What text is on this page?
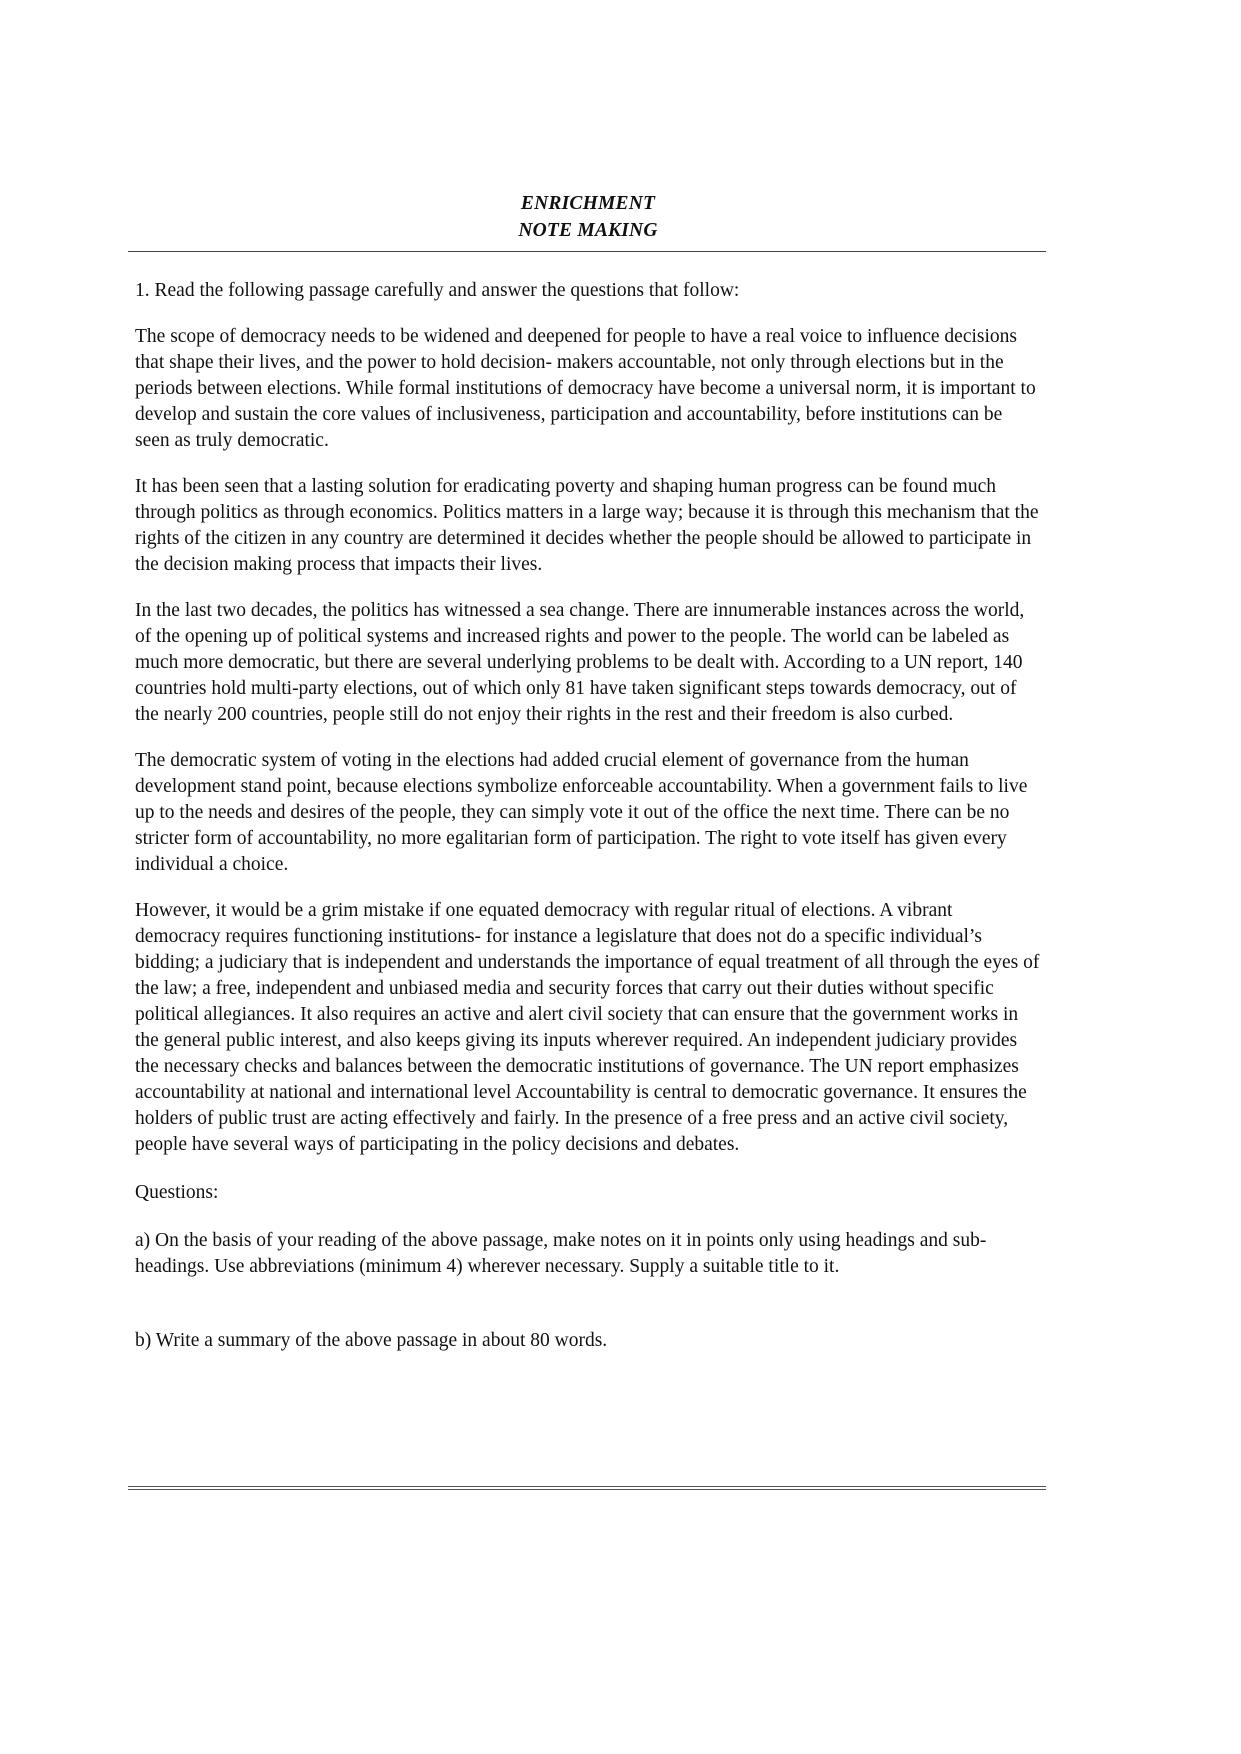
ENRICHMENT
NOTE MAKING

1. Read the following passage carefully and answer the questions that follow:

The scope of democracy needs to be widened and deepened for people to have a real voice to influence decisions that shape their lives, and the power to hold decision- makers accountable, not only through elections but in the periods between elections. While formal institutions of democracy have become a universal norm, it is important to develop and sustain the core values of inclusiveness, participation and accountability, before institutions can be seen as truly democratic.

It has been seen that a lasting solution for eradicating poverty and shaping human progress can be found much through politics as through economics. Politics matters in a large way; because it is through this mechanism that the rights of the citizen in any country are determined it decides whether the people should be allowed to participate in the decision making process that impacts their lives.

In the last two decades, the politics has witnessed a sea change. There are innumerable instances across the world, of the opening up of political systems and increased rights and power to the people. The world can be labeled as much more democratic, but there are several underlying problems to be dealt with. According to a UN report, 140 countries hold multi-party elections, out of which only 81 have taken significant steps towards democracy, out of the nearly 200 countries, people still do not enjoy their rights in the rest and their freedom is also curbed.

The democratic system of voting in the elections had added crucial element of governance from the human development stand point, because elections symbolize enforceable accountability. When a government fails to live up to the needs and desires of the people, they can simply vote it out of the office the next time. There can be no stricter form of accountability, no more egalitarian form of participation. The right to vote itself has given every individual a choice.

However, it would be a grim mistake if one equated democracy with regular ritual of elections. A vibrant democracy requires functioning institutions- for instance a legislature that does not do a specific individual’s bidding; a judiciary that is independent and understands the importance of equal treatment of all through the eyes of the law; a free, independent and unbiased media and security forces that carry out their duties without specific political allegiances. It also requires an active and alert civil society that can ensure that the government works in the general public interest, and also keeps giving its inputs wherever required. An independent judiciary provides the necessary checks and balances between the democratic institutions of governance. The UN report emphasizes accountability at national and international level Accountability is central to democratic governance. It ensures the holders of public trust are acting effectively and fairly. In the presence of a free press and an active civil society, people have several ways of participating in the policy decisions and debates.

Questions:

a) On the basis of your reading of the above passage, make notes on it in points only using headings and sub-headings. Use abbreviations (minimum 4) wherever necessary. Supply a suitable title to it.

b) Write a summary of the above passage in about 80 words.
